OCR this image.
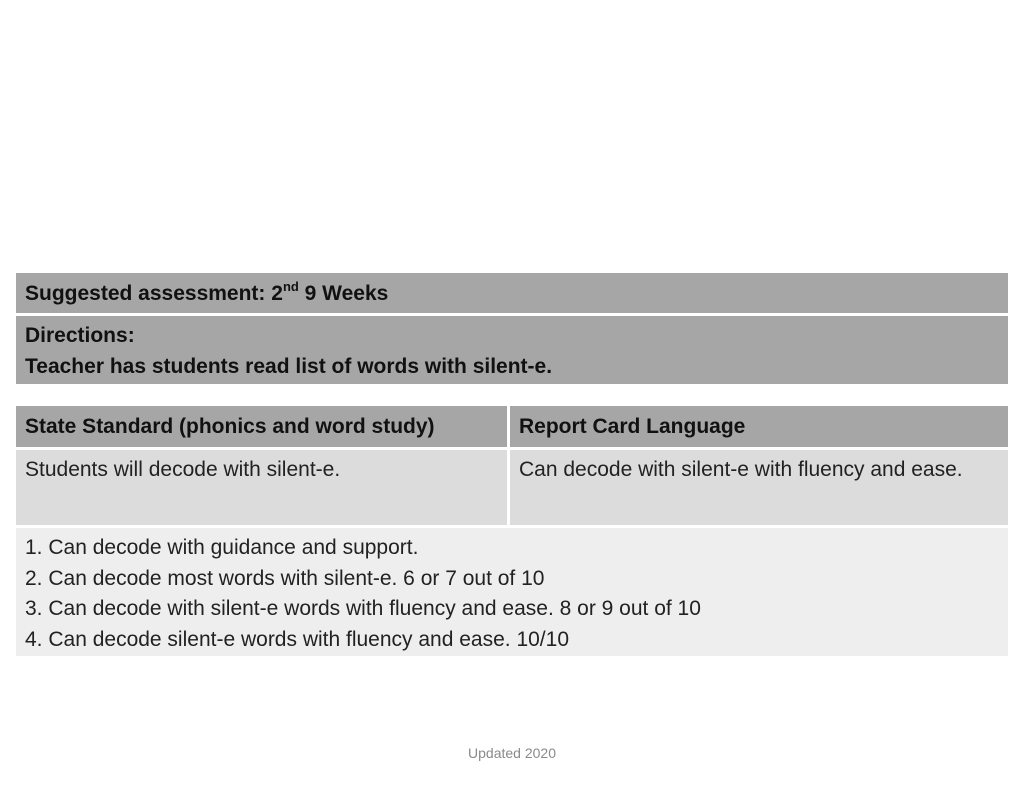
Suggested assessment: 2nd 9 Weeks
Directions:
Teacher has students read list of words with silent-e.
State Standard (phonics and word study)	Report Card Language
Students will decode with silent-e.	Can decode with silent-e with fluency and ease.
1. Can decode with guidance and support.
2. Can decode most words with silent-e. 6 or 7 out of 10
3. Can decode with silent-e words with fluency and ease. 8 or 9 out of 10
4. Can decode silent-e words with fluency and ease. 10/10
Updated 2020
